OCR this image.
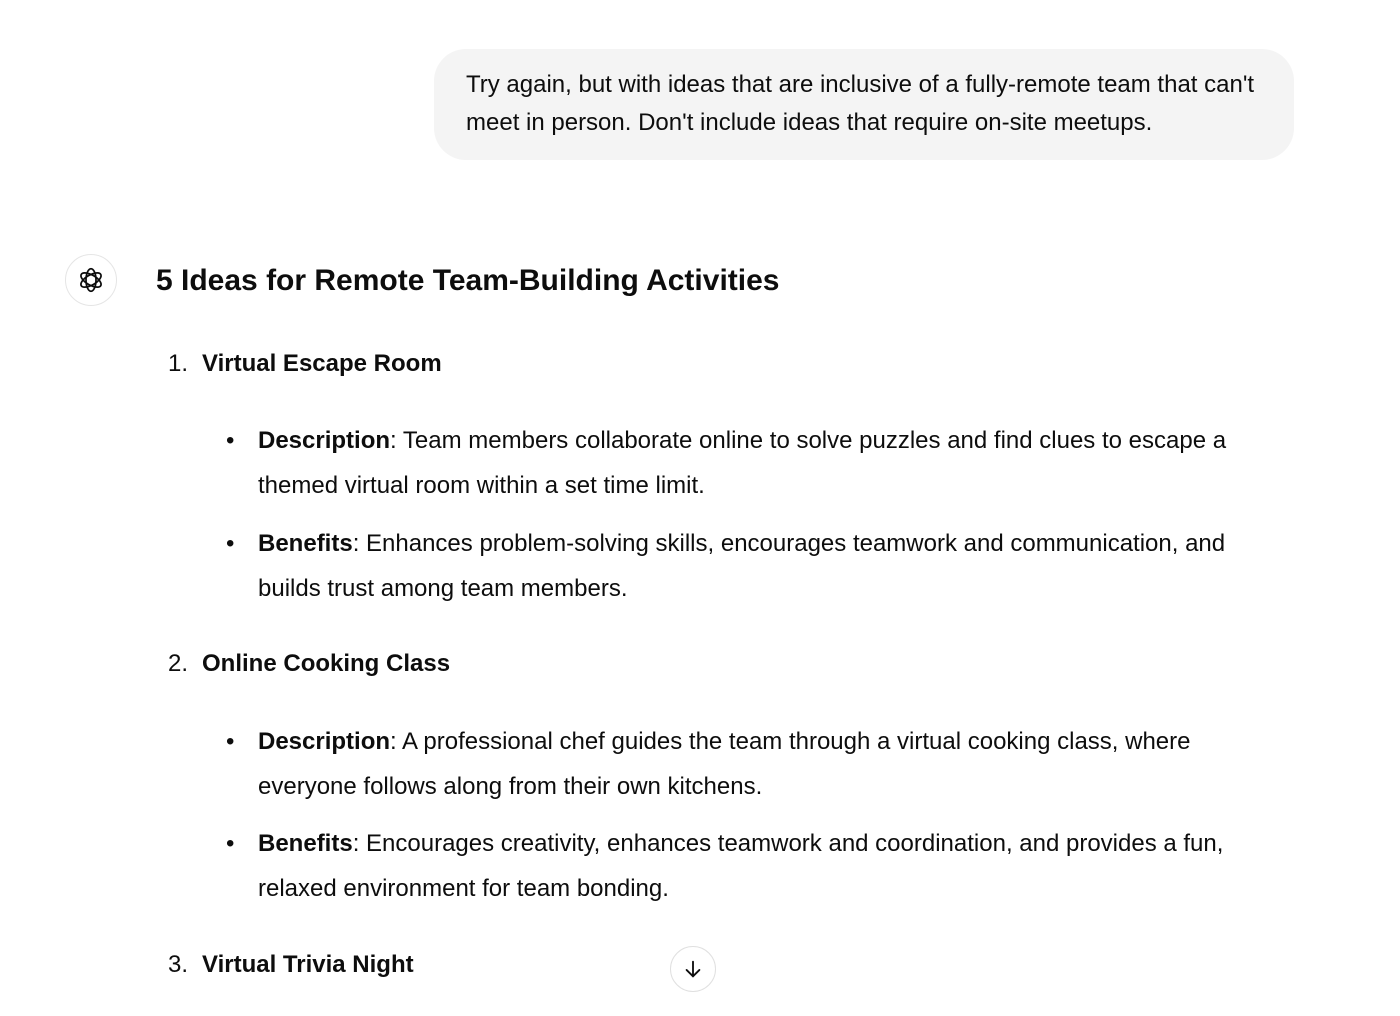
Try again, but with ideas that are inclusive of a fully-remote team that can't meet in person. Don't include ideas that require on-site meetups.
5 Ideas for Remote Team-Building Activities
1. Virtual Escape Room
• Description: Team members collaborate online to solve puzzles and find clues to escape a themed virtual room within a set time limit.
• Benefits: Enhances problem-solving skills, encourages teamwork and communication, and builds trust among team members.
2. Online Cooking Class
• Description: A professional chef guides the team through a virtual cooking class, where everyone follows along from their own kitchens.
• Benefits: Encourages creativity, enhances teamwork and coordination, and provides a fun, relaxed environment for team bonding.
3. Virtual Trivia Night
